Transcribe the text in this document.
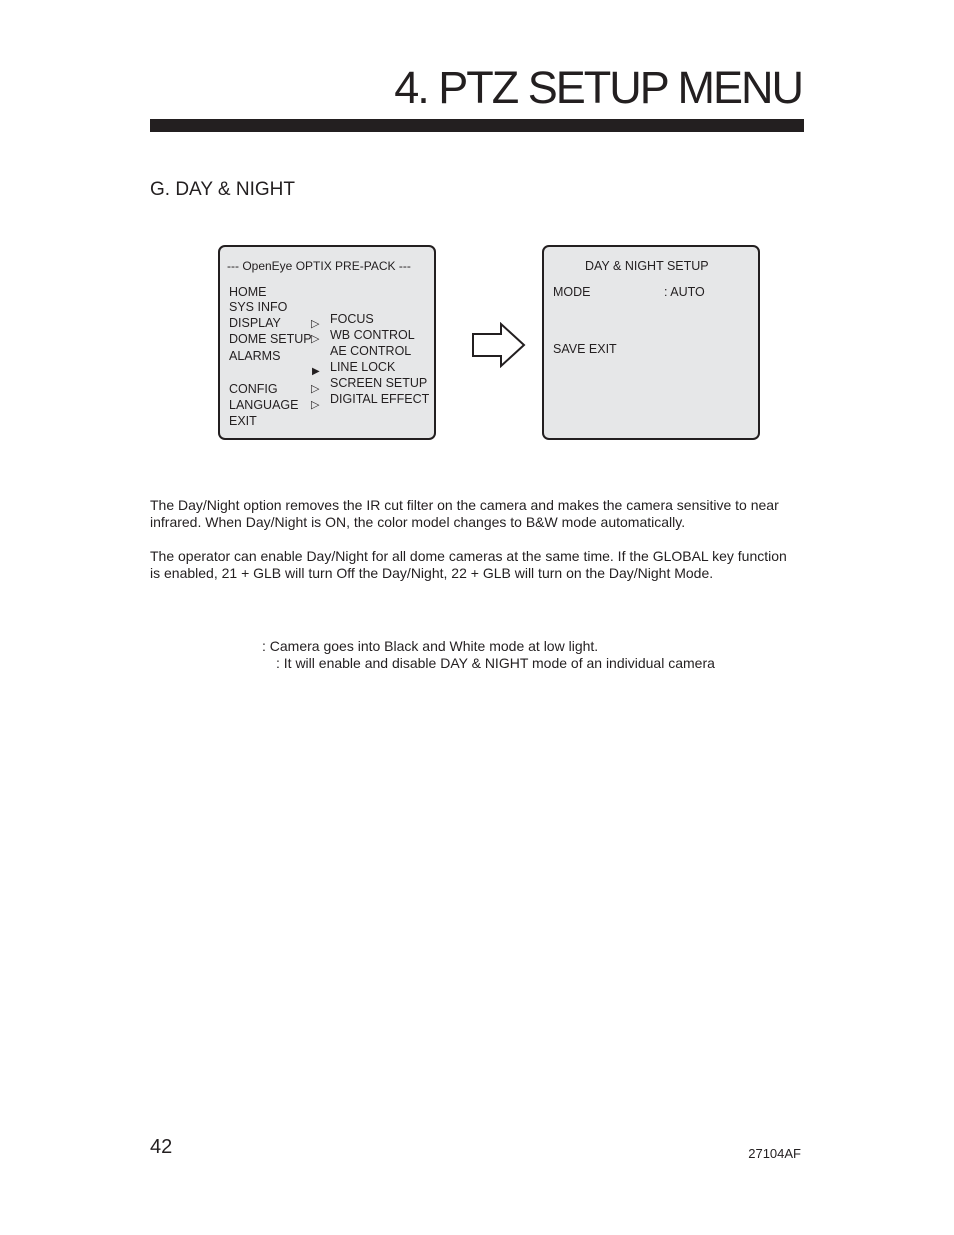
4. PTZ SETUP MENU
G. DAY & NIGHT
--- OpenEye OPTIX PRE-PACK ---
HOME
SYS INFO
DISPLAY
DOME SETUP
ALARMS
CONFIG
LANGUAGE
EXIT
▷
▷
▶
▷
▷
FOCUS
WB CONTROL
AE CONTROL
LINE LOCK
SCREEN SETUP
DIGITAL EFFECT
DAY & NIGHT SETUP
MODE	: AUTO
SAVE EXIT

The Day/Night option removes the IR cut filter on the camera and makes the camera sensitive to near

infrared. When Day/Night is ON, the color model changes to B&W mode automatically.

The operator can enable Day/Night for all dome cameras at the same time. If the GLOBAL key function

is enabled, 21 + GLB will turn Off the Day/Night, 22 + GLB will turn on the Day/Night Mode.

: Camera goes into Black and White mode at low light.
: It will enable and disable DAY & NIGHT mode of an individual camera
42	27104AF
